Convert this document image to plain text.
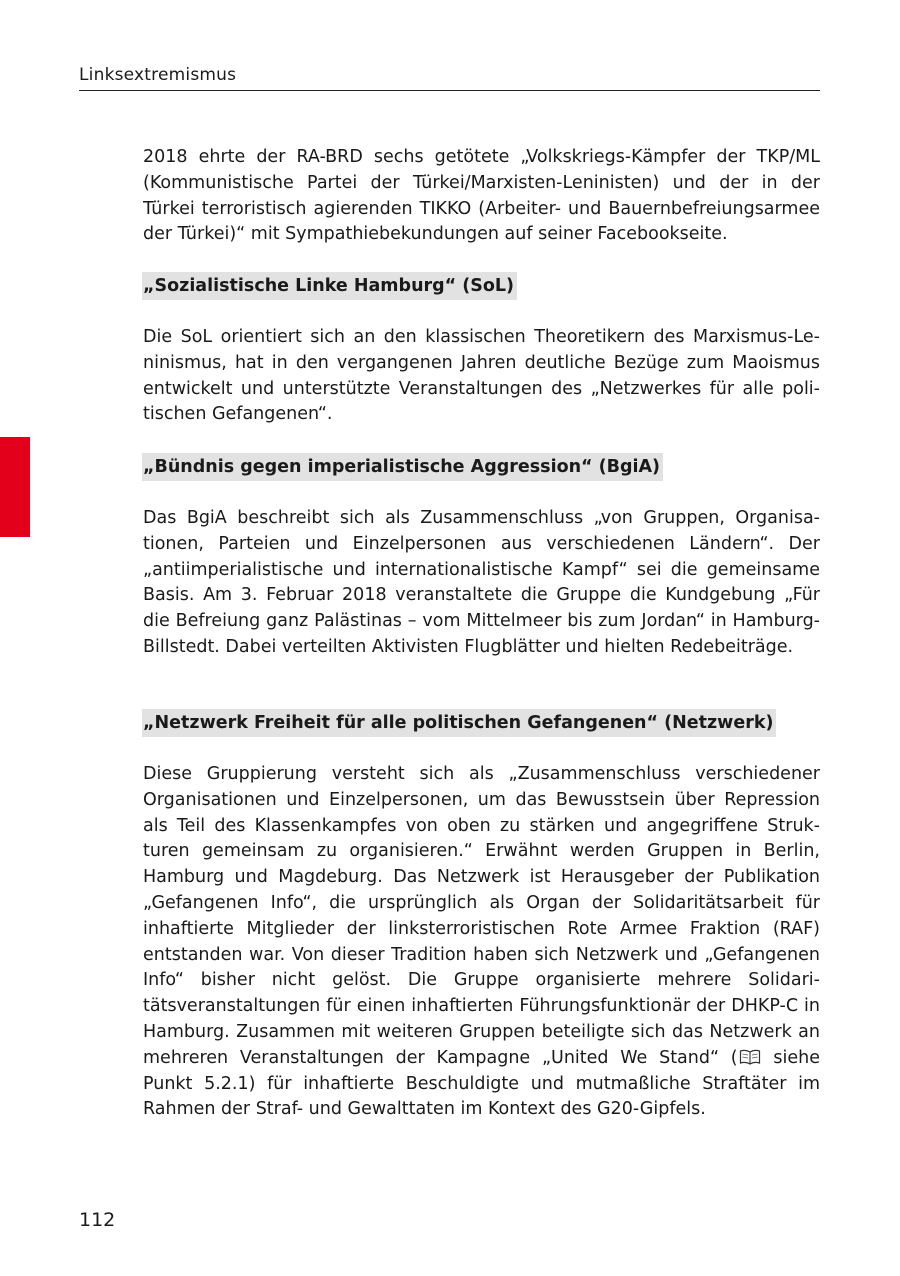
Linksextremismus

2018 ehrte der RA-BRD sechs getötete „Volkskriegs-Kämpfer der TKP/ML (Kommunistische Partei der Türkei/Marxisten-Leninisten) und der in der Türkei terroristisch agierenden TIKKO (Arbeiter- und Bauernbefreiungsarmee der Türkei)“ mit Sympathiebekundungen auf seiner Facebookseite.

„Sozialistische Linke Hamburg“ (SoL)

Die SoL orientiert sich an den klassischen Theoretikern des Marxismus-Leninismus, hat in den vergangenen Jahren deutliche Bezüge zum Maoismus entwickelt und unterstützte Veranstaltungen des „Netzwerkes für alle politischen Gefangenen“.

„Bündnis gegen imperialistische Aggression“ (BgiA)

Das BgiA beschreibt sich als Zusammenschluss „von Gruppen, Organisationen, Parteien und Einzelpersonen aus verschiedenen Ländern“. Der „antiimperialistische und internationalistische Kampf“ sei die gemeinsame Basis. Am 3. Februar 2018 veranstaltete die Gruppe die Kundgebung „Für die Befreiung ganz Palästinas – vom Mittelmeer bis zum Jordan“ in Hamburg-Billstedt. Dabei verteilten Aktivisten Flugblätter und hielten Redebeiträge.

„Netzwerk Freiheit für alle politischen Gefangenen“ (Netzwerk)

Diese Gruppierung versteht sich als „Zusammenschluss verschiedener Organisationen und Einzelpersonen, um das Bewusstsein über Repression als Teil des Klassenkampfes von oben zu stärken und angegriffene Strukturen gemeinsam zu organisieren.“ Erwähnt werden Gruppen in Berlin, Hamburg und Magdeburg. Das Netzwerk ist Herausgeber der Publikation „Gefangenen Info“, die ursprünglich als Organ der Solidaritätsarbeit für inhaftierte Mitglieder der linksterroristischen Rote Armee Fraktion (RAF) entstanden war. Von dieser Tradition haben sich Netzwerk und „Gefangenen Info“ bisher nicht gelöst. Die Gruppe organisierte mehrere Solidaritätsveranstaltungen für einen inhaftierten Führungsfunktionär der DHKP-C in Hamburg. Zusammen mit weiteren Gruppen beteiligte sich das Netzwerk an mehreren Veranstaltungen der Kampagne „United We Stand“ ( siehe Punkt 5.2.1) für inhaftierte Beschuldigte und mutmaßliche Straftäter im Rahmen der Straf- und Gewalttaten im Kontext des G20-Gipfels.

112
